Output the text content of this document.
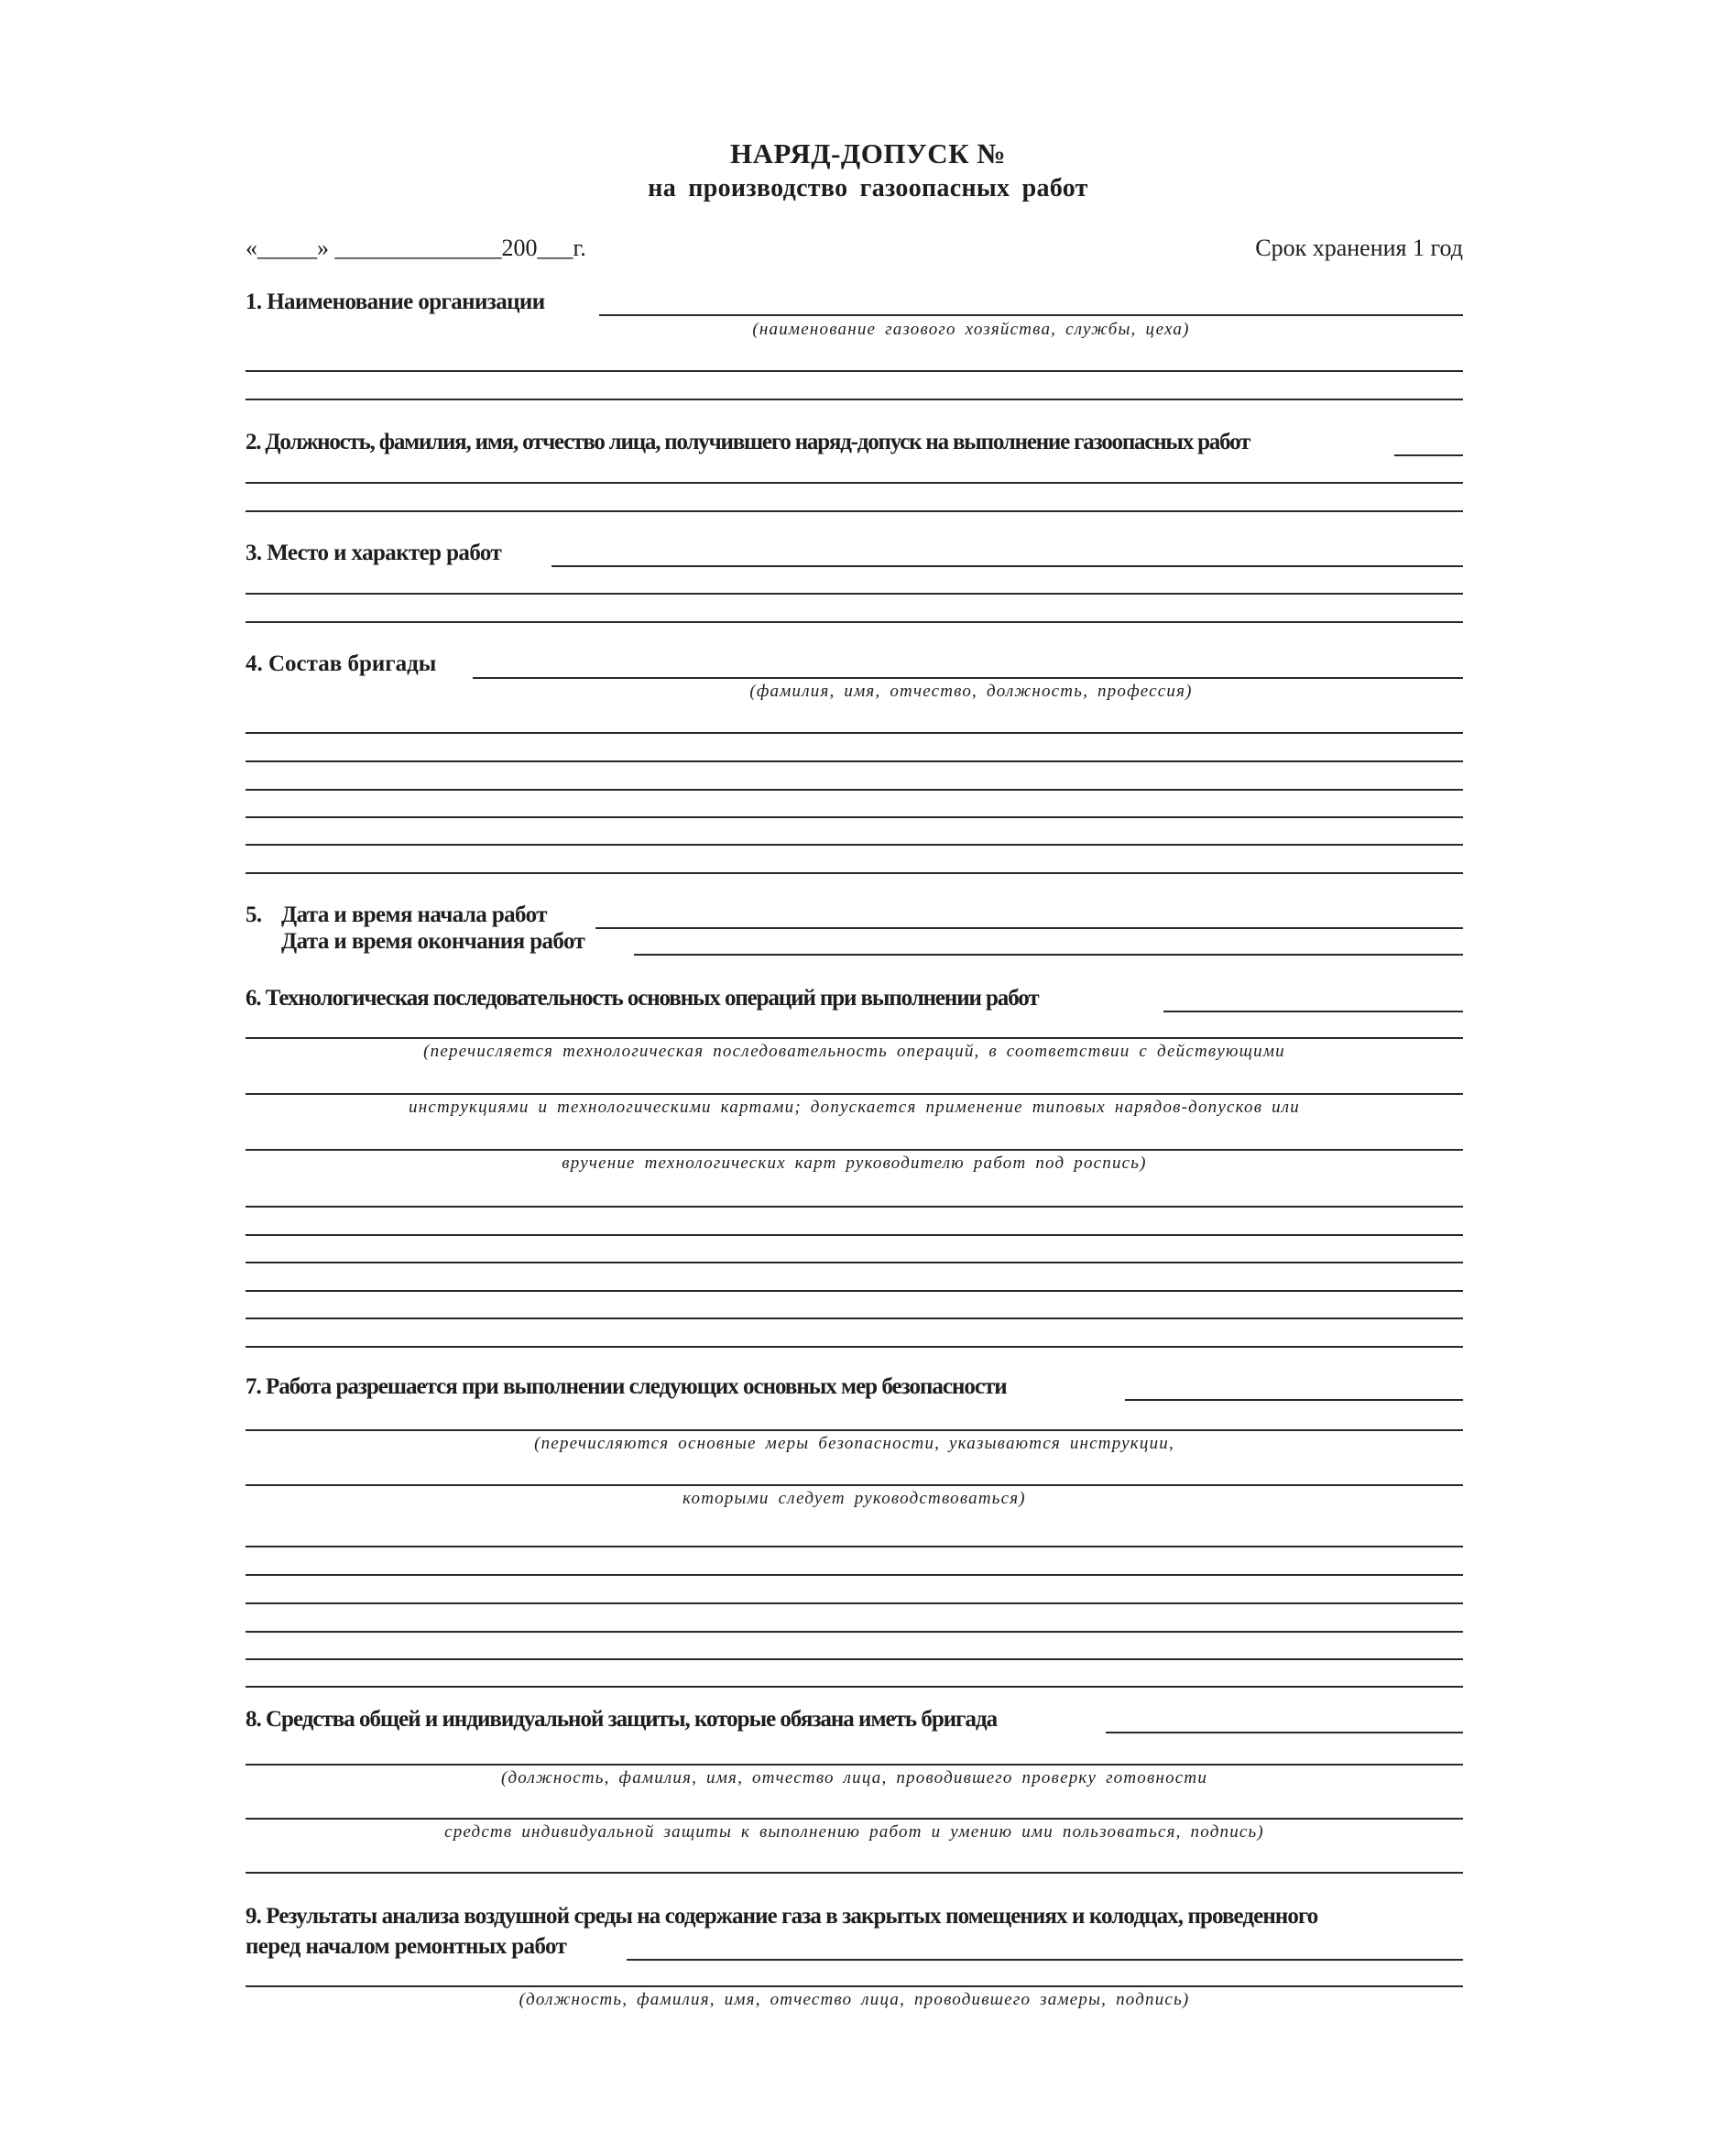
НАРЯД-ДОПУСК №
на производство газоопасных работ
«_____» ______________200___г.	Срок хранения 1 год
1. Наименование организации
(наименование газового хозяйства, службы, цеха)
2. Должность, фамилия, имя, отчество лица, получившего наряд-допуск на выполнение газоопасных работ
3. Место и характер работ
4. Состав бригады
(фамилия, имя, отчество, должность, профессия)
5. Дата и время начала работ
Дата и время окончания работ
6. Технологическая последовательность основных операций при выполнении работ
(перечисляется технологическая последовательность операций, в соответствии с действующими
инструкциями и технологическими картами; допускается применение типовых нарядов-допусков или
вручение технологических карт руководителю работ под роспись)
7. Работа разрешается при выполнении следующих основных мер безопасности
(перечисляются основные меры безопасности, указываются инструкции,
которыми следует руководствоваться)
8. Средства общей и индивидуальной защиты, которые обязана иметь бригада
(должность, фамилия, имя, отчество лица, проводившего проверку готовности
средств индивидуальной защиты к выполнению работ и умению ими пользоваться, подпись)
9. Результаты анализа воздушной среды на содержание газа в закрытых помещениях и колодцах, проведенного
перед началом ремонтных работ
(должность, фамилия, имя, отчество лица, проводившего замеры, подпись)
